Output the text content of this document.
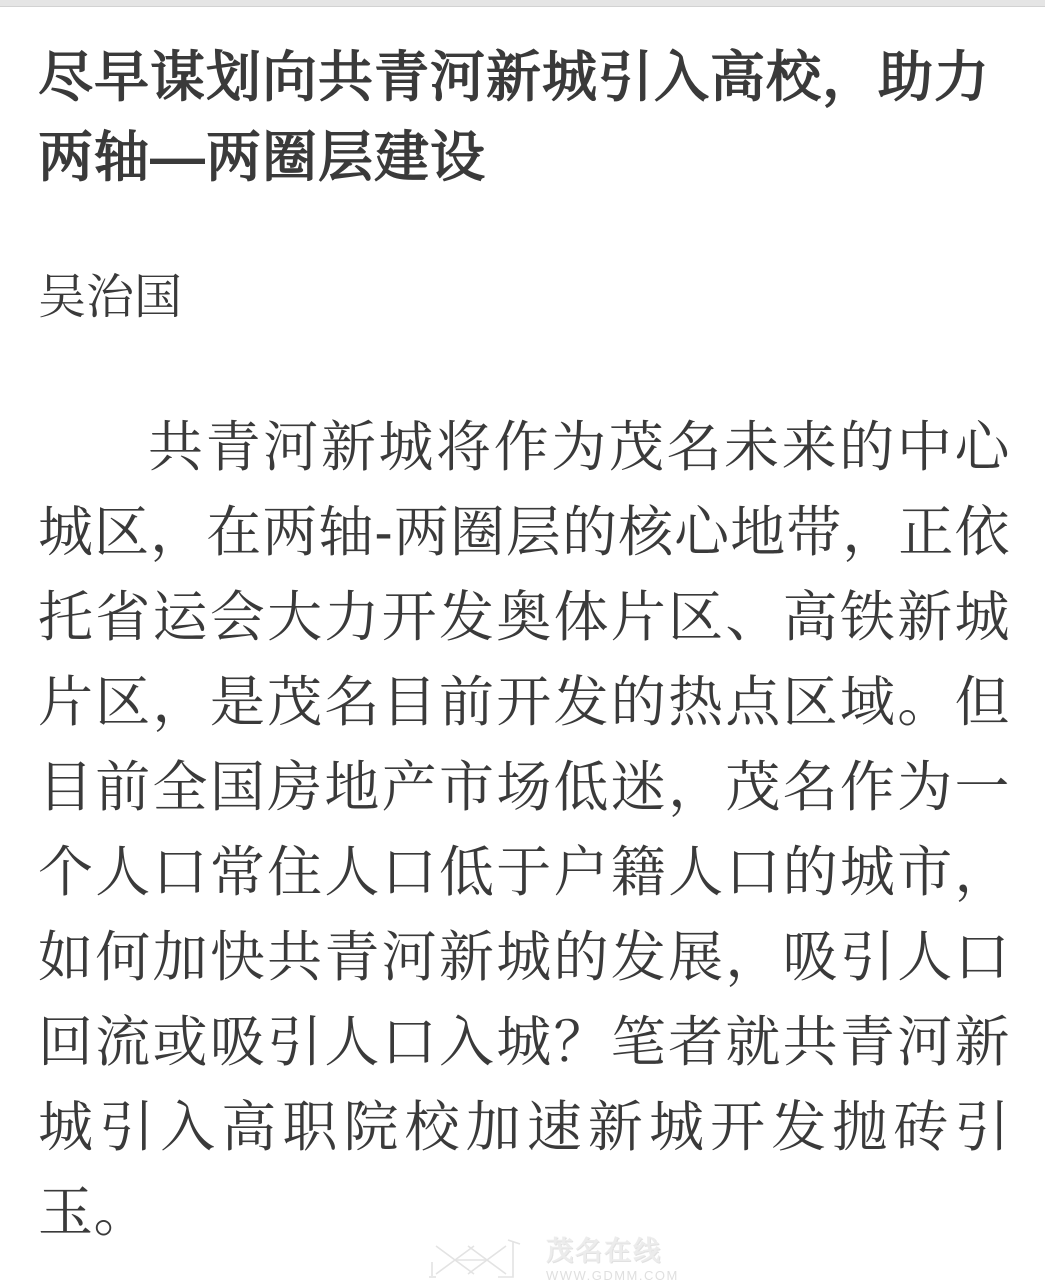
尽早谋划向共青河新城引入高校，助力两轴—两圈层建设
吴治国

共青河新城将作为茂名未来的中心城区，在两轴-两圈层的核心地带，正依托省运会大力开发奥体片区、高铁新城片区，是茂名目前开发的热点区域。但目前全国房地产市场低迷，茂名作为一个人口常住人口低于户籍人口的城市，如何加快共青河新城的发展，吸引人口回流或吸引人口入城？笔者就共青河新城引入高职院校加速新城开发抛砖引玉。

茂名在线
WWW.GDMM.COM
